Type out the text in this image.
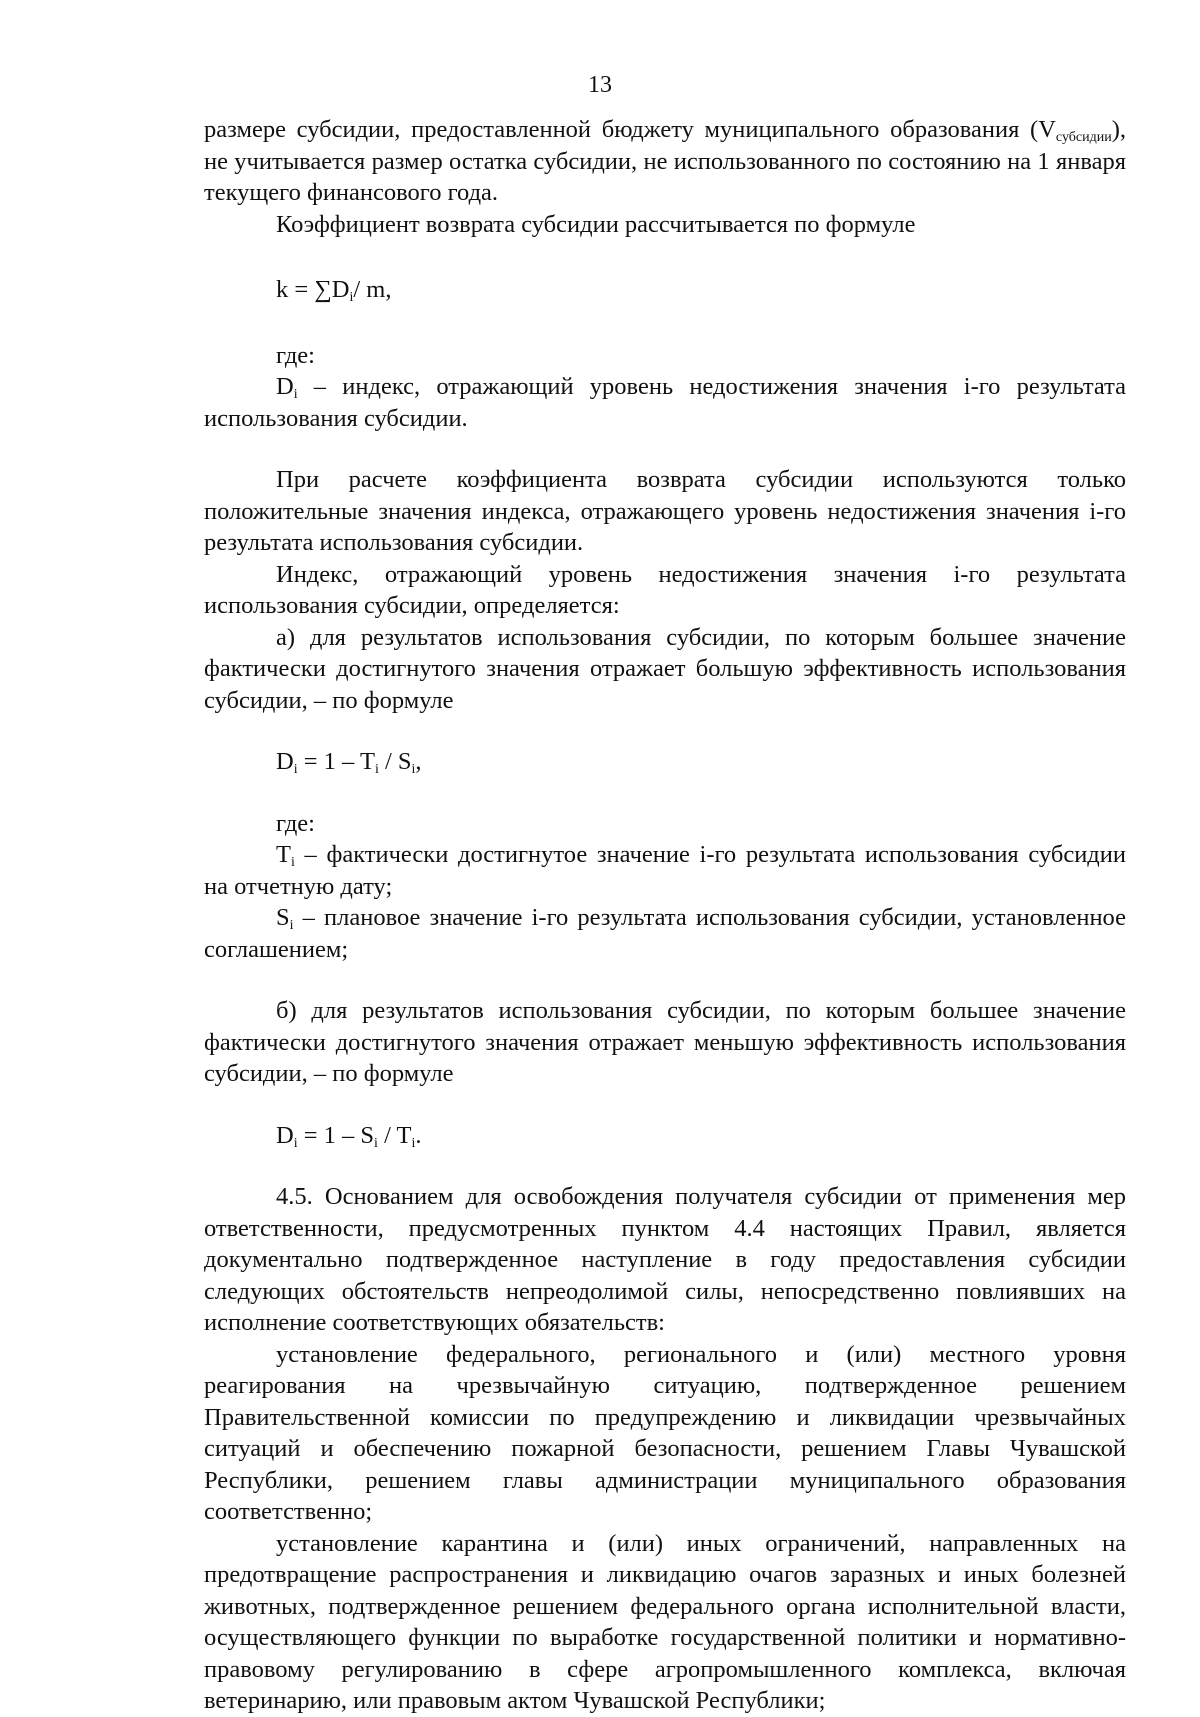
13

размере субсидии, предоставленной бюджету муниципального образования $(V_{субсидии})$, не учитывается размер остатка субсидии, не использованного по состоянию на 1 января текущего финансового года.

Коэффициент возврата субсидии рассчитывается по формуле

$k = \sum D_i/$ m,

где:

$D_i$ – индекс, отражающий уровень недостижения значения i-го результата использования субсидии.

При расчете коэффициента возврата субсидии используются только положительные значения индекса, отражающего уровень недостижения значения i-го результата использования субсидии.

Индекс, отражающий уровень недостижения значения i-го результата использования субсидии, определяется:

а) для результатов использования субсидии, по которым большее значение фактически достигнутого значения отражает большую эффективность использования субсидии, – по формуле

$D_i = 1 - T_i / S_i$,

где:

$T_i$ – фактически достигнутое значение i-го результата использования субсидии на отчетную дату;

$S_i$ – плановое значение i-го результата использования субсидии, установленное соглашением;

б) для результатов использования субсидии, по которым большее значение фактически достигнутого значения отражает меньшую эффективность использования субсидии, – по формуле

$D_i = 1 - S_i / T_i$.

4.5. Основанием для освобождения получателя субсидии от применения мер ответственности, предусмотренных пунктом 4.4 настоящих Правил, является документально подтвержденное наступление в году предоставления субсидии следующих обстоятельств непреодолимой силы, непосредственно повлиявших на исполнение соответствующих обязательств:

установление федерального, регионального и (или) местного уровня реагирования на чрезвычайную ситуацию, подтвержденное решением Правительственной комиссии по предупреждению и ликвидации чрезвычайных ситуаций и обеспечению пожарной безопасности, решением Главы Чувашской Республики, решением главы администрации муниципального образования соответственно;

установление карантина и (или) иных ограничений, направленных на предотвращение распространения и ликвидацию очагов заразных и иных болезней животных, подтвержденное решением федерального органа исполнительной власти, осуществляющего функции по выработке государственной политики и нормативно-правовому регулированию в сфере агропромышленного комплекса, включая ветеринарию, или правовым актом Чувашской Республики;
